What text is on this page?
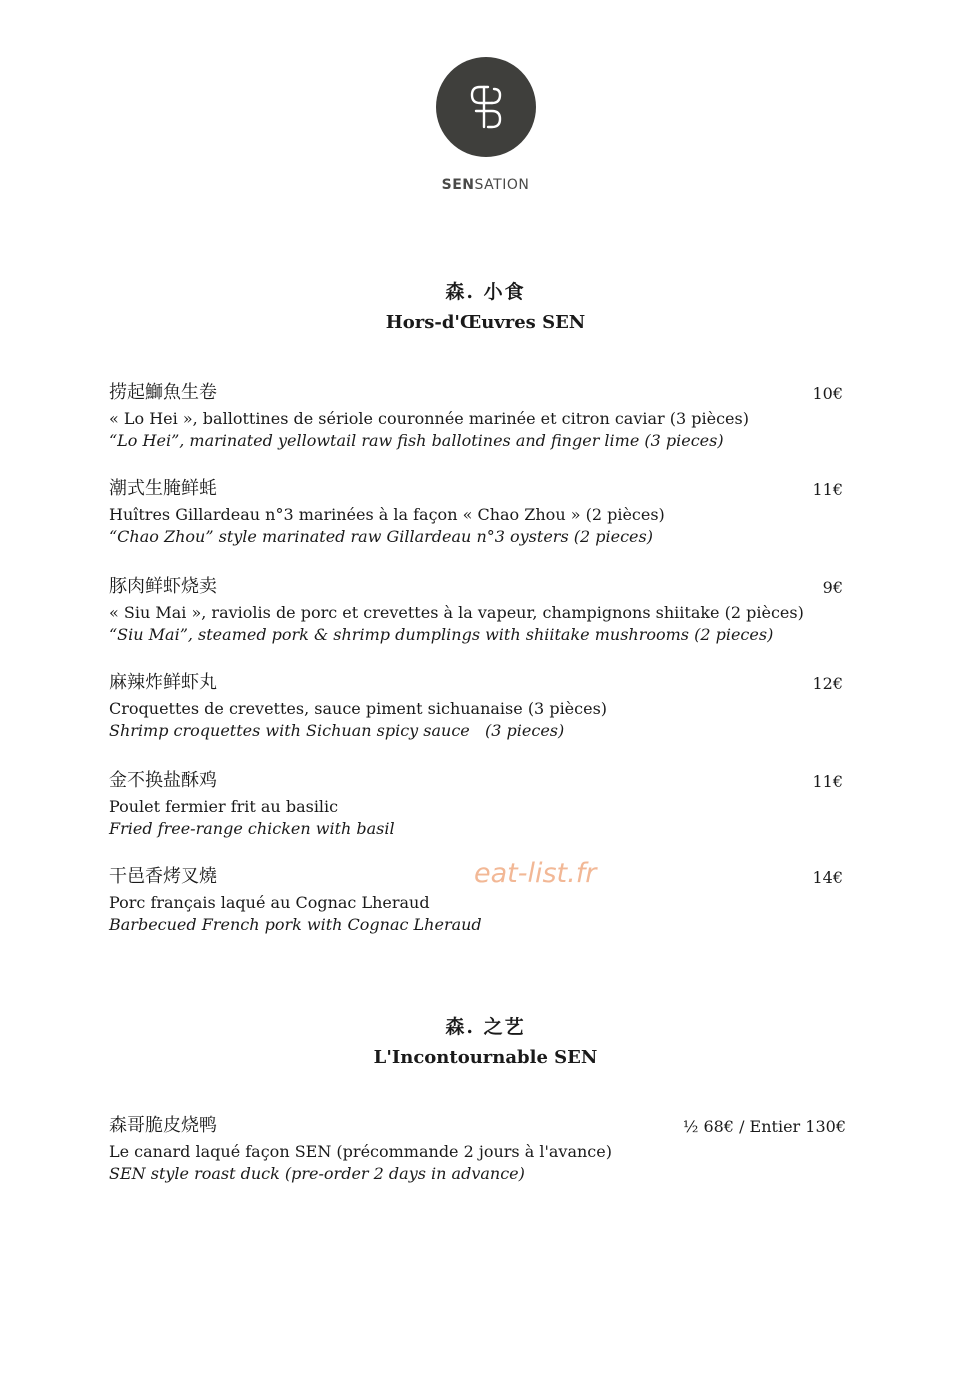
SENSATION
森. 小食
Hors-d'Œuvres SEN
捞起鰤魚生卷
« Lo Hei », ballottines de sériole couronnée marinée et citron caviar (3 pièces)
“Lo Hei”, marinated yellowtail raw fish ballotines and finger lime (3 pieces)
10€
潮式生腌鲜蚝
Huîtres Gillardeau n°3 marinées à la façon « Chao Zhou » (2 pièces)
“Chao Zhou” style marinated raw Gillardeau n°3 oysters (2 pieces)
11€
豚肉鲜虾烧卖
« Siu Mai », raviolis de porc et crevettes à la vapeur, champignons shiitake (2 pièces)
“Siu Mai”, steamed pork & shrimp dumplings with shiitake mushrooms (2 pieces)
9€
麻辣炸鲜虾丸
Croquettes de crevettes, sauce piment sichuanaise (3 pièces)
Shrimp croquettes with Sichuan spicy sauce   (3 pieces)
12€
金不换盐酥鸡
Poulet fermier frit au basilic
Fried free-range chicken with basil
11€
干邑香烤叉燒
Porc français laqué au Cognac Lheraud
Barbecued French pork with Cognac Lheraud
14€
eat-list.fr
森. 之艺
L'Incontournable SEN
森哥脆皮烧鸭
Le canard laqué façon SEN (précommande 2 jours à l'avance)
SEN style roast duck (pre-order 2 days in advance)
½ 68€ / Entier 130€
